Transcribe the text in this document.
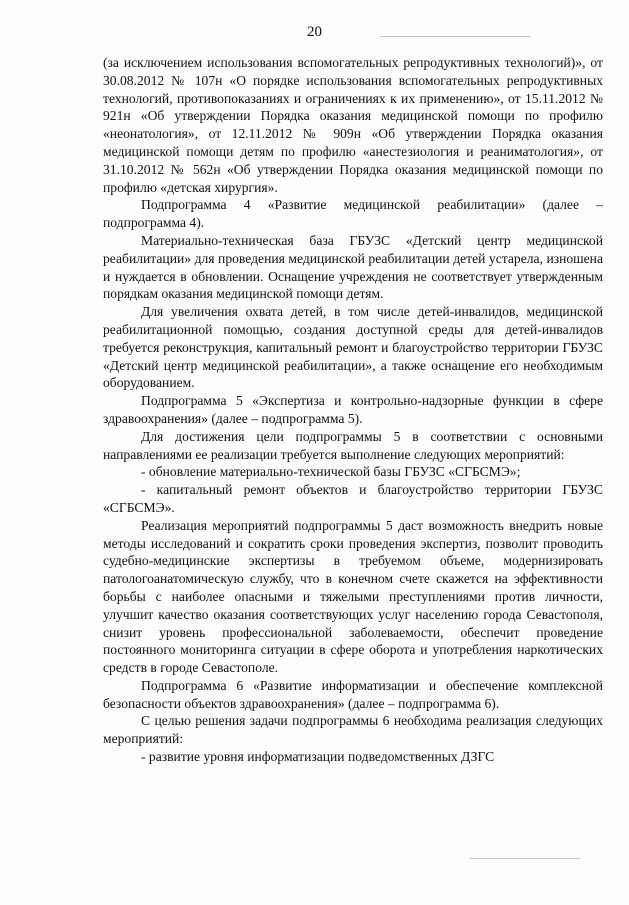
20

(за исключением использования вспомогательных репродуктивных технологий)», от 30.08.2012 № 107н «О порядке использования вспомогательных репродуктивных технологий, противопоказаниях и ограничениях к их применению», от 15.11.2012 № 921н «Об утверждении Порядка оказания медицинской помощи по профилю «неонатология», от 12.11.2012 № 909н «Об утверждении Порядка оказания медицинской помощи детям по профилю «анестезиология и реаниматология», от 31.10.2012 № 562н «Об утверждении Порядка оказания медицинской помощи по профилю «детская хирургия».

Подпрограмма 4 «Развитие медицинской реабилитации» (далее – подпрограмма 4).

Материально-техническая база ГБУЗС «Детский центр медицинской реабилитации» для проведения медицинской реабилитации детей устарела, изношена и нуждается в обновлении. Оснащение учреждения не соответствует утвержденным порядкам оказания медицинской помощи детям.

Для увеличения охвата детей, в том числе детей-инвалидов, медицинской реабилитационной помощью, создания доступной среды для детей-инвалидов требуется реконструкция, капитальный ремонт и благоустройство территории ГБУЗС «Детский центр медицинской реабилитации», а также оснащение его необходимым оборудованием.

Подпрограмма 5 «Экспертиза и контрольно-надзорные функции в сфере здравоохранения» (далее – подпрограмма 5).

Для достижения цели подпрограммы 5 в соответствии с основными направлениями ее реализации требуется выполнение следующих мероприятий:

- обновление материально-технической базы ГБУЗС «СГБСМЭ»;

- капитальный ремонт объектов и благоустройство территории ГБУЗС «СГБСМЭ».

Реализация мероприятий подпрограммы 5 даст возможность внедрить новые методы исследований и сократить сроки проведения экспертиз, позволит проводить судебно-медицинские экспертизы в требуемом объеме, модернизировать патологоанатомическую службу, что в конечном счете скажется на эффективности борьбы с наиболее опасными и тяжелыми преступлениями против личности, улучшит качество оказания соответствующих услуг населению города Севастополя, снизит уровень профессиональной заболеваемости, обеспечит проведение постоянного мониторинга ситуации в сфере оборота и употребления наркотических средств в городе Севастополе.

Подпрограмма 6 «Развитие информатизации и обеспечение комплексной безопасности объектов здравоохранения» (далее – подпрограмма 6).

С целью решения задачи подпрограммы 6 необходима реализация следующих мероприятий:

- развитие уровня информатизации подведомственных ДЗГС
